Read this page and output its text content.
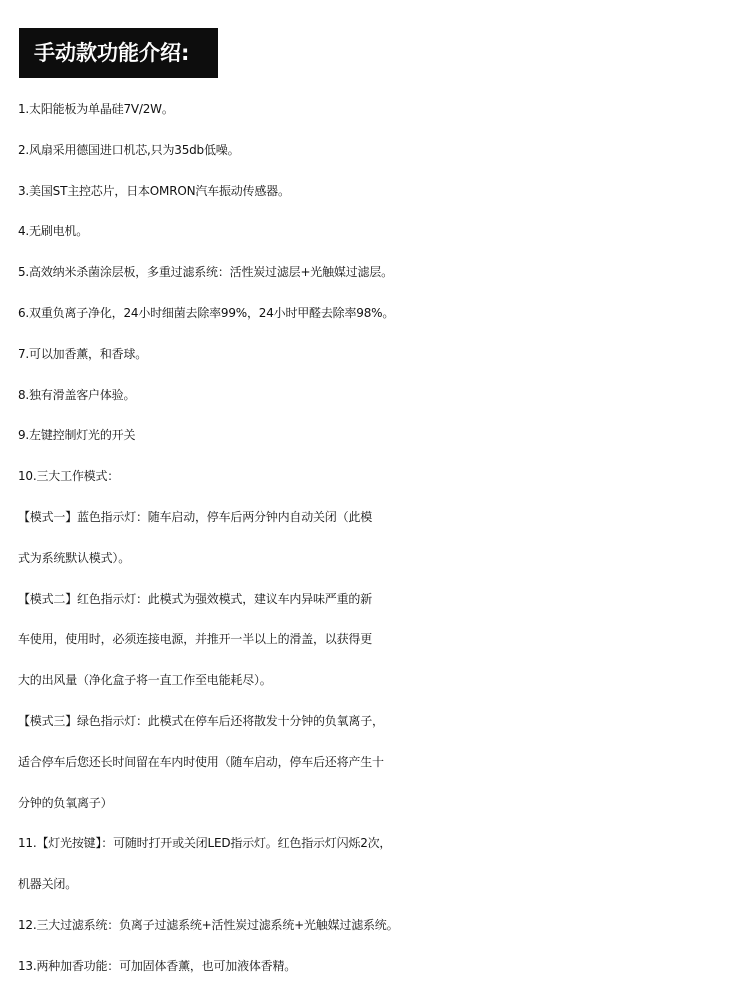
手动款功能介绍:
1.太阳能板为单晶硅7V/2W。
2.风扇采用德国进口机芯,只为35db低噪。
3.美国ST主控芯片，日本OMRON汽车振动传感器。
4.无刷电机。
5.高效纳米杀菌涂层板，多重过滤系统：活性炭过滤层+光触媒过滤层。
6.双重负离子净化，24小时细菌去除率99%，24小时甲醛去除率98%。
7.可以加香薰，和香球。
8.独有滑盖客户体验。
9.左键控制灯光的开关
10.三大工作模式：
【模式一】蓝色指示灯：随车启动，停车后两分钟内自动关闭（此模
式为系统默认模式）。
【模式二】红色指示灯：此模式为强效模式，建议车内异味严重的新
车使用，使用时，必须连接电源，并推开一半以上的滑盖，以获得更
大的出风量（净化盒子将一直工作至电能耗尽）。
【模式三】绿色指示灯：此模式在停车后还将散发十分钟的负氧离子，
适合停车后您还长时间留在车内时使用（随车启动，停车后还将产生十
分钟的负氧离子）
11.【灯光按键】：可随时打开或关闭LED指示灯。红色指示灯闪烁2次，
机器关闭。
12.三大过滤系统：负离子过滤系统+活性炭过滤系统+光触媒过滤系统。
13.两种加香功能：可加固体香薰，也可加液体香精。
